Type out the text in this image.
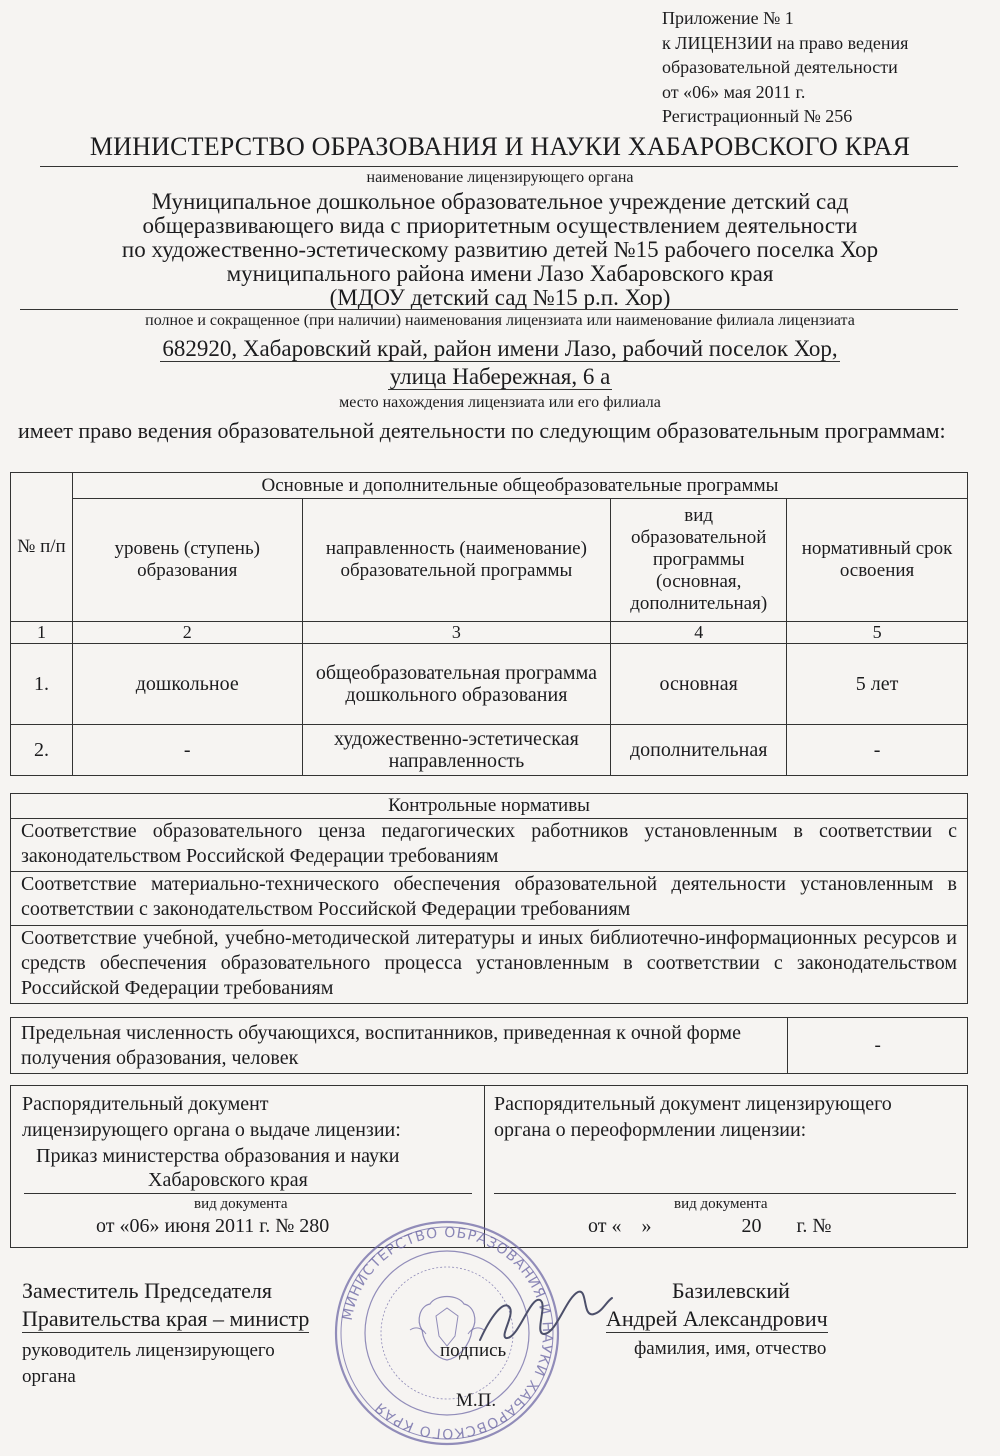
Приложение № 1
к ЛИЦЕНЗИИ на право ведения
образовательной деятельности
от «06» мая 2011 г.
Регистрационный № 256
МИНИСТЕРСТВО ОБРАЗОВАНИЯ И НАУКИ ХАБАРОВСКОГО КРАЯ
наименование лицензирующего органа
Муниципальное дошкольное образовательное учреждение детский сад
общеразвивающего вида с приоритетным осуществлением деятельности
по художественно-эстетическому развитию детей №15 рабочего поселка Хор
муниципального района имени Лазо Хабаровского края
(МДОУ детский сад №15 р.п. Хор)
полное и сокращенное (при наличии) наименования лицензиата или наименование филиала лицензиата
682920, Хабаровский край, район имени Лазо, рабочий поселок Хор,
улица Набережная, 6 а
место нахождения лицензиата или его филиала
имеет право ведения образовательной деятельности по следующим образовательным программам:
№ п/п	Основные и дополнительные общеобразовательные программы			
	уровень (ступень) образования	направленность (наименование) образовательной программы	вид образовательной программы (основная, дополнительная)	нормативный срок освоения
1	2	3	4	5
1.	дошкольное	общеобразовательная программа дошкольного образования	основная	5 лет
2.	-	художественно-эстетическая направленность	дополнительная	-
Контрольные нормативы
Соответствие образовательного ценза педагогических работников установленным в соответствии с законодательством Российской Федерации требованиям
Соответствие материально-технического обеспечения образовательной деятельности установленным в соответствии с законодательством Российской Федерации требованиям
Соответствие учебной, учебно-методической литературы и иных библиотечно-информационных ресурсов и средств обеспечения образовательного процесса установленным в соответствии с законодательством Российской Федерации требованиям
Предельная численность обучающихся, воспитанников, приведенная к очной форме получения образования, человек	-
Распорядительный документ
лицензирующего органа о выдаче лицензии:
Приказ министерства образования и науки
Хабаровского края
вид документа
от «06» июня 2011 г. № 280
Распорядительный документ лицензирующего
органа о переоформлении лицензии:
вид документа
от «    »                  20       г. №
МИНИСТЕРСТВО ОБРАЗОВАНИЯ И НАУКИ ХАБАРОВСКОГО КРАЯ
Заместитель Председателя
Правительства края – министр
руководитель лицензирующего
органа
подпись
М.П.
Базилевский
Андрей Александрович
фамилия, имя, отчество
